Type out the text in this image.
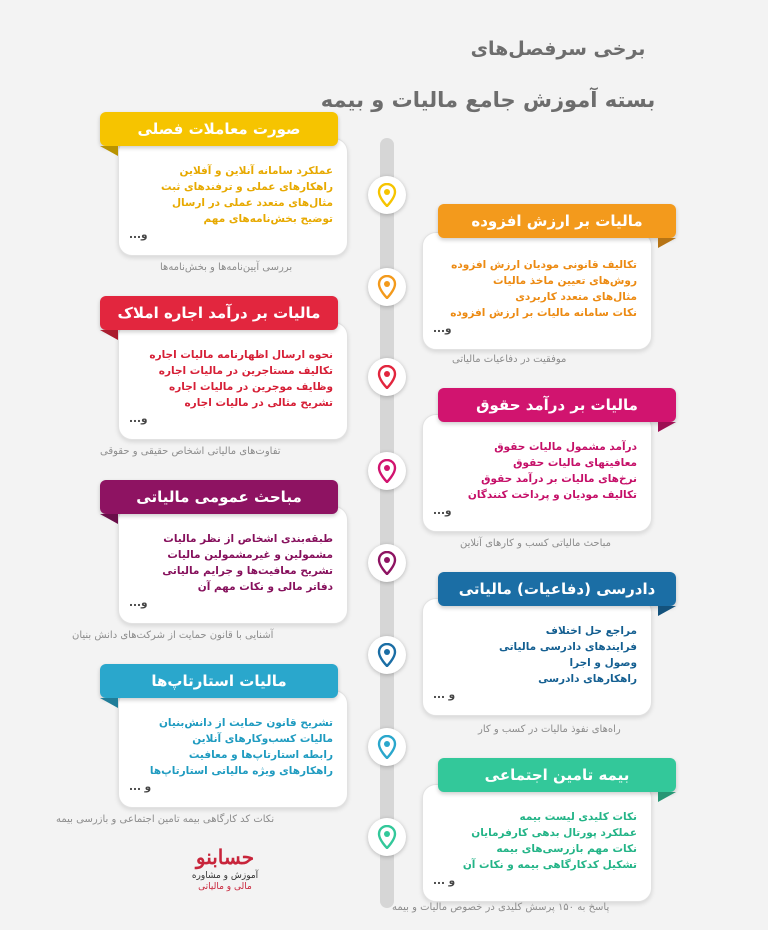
برخی سرفصل‌های
بسته آموزش جامع مالیات و بیمه
عملکرد سامانه آنلاین و آفلاین
راهکارهای عملی و ترفندهای ثبت
مثال‌های متعدد عملی در ارسال
توضیح بخش‌نامه‌های مهم
و...
صورت معاملات فصلی
بررسی آیین‌نامه‌ها و بخش‌نامه‌ها	تکالیف قانونی مودیان ارزش افزوده
روش‌های تعیین ماخذ مالیات
مثال‌های متعدد کاربردی
نکات سامانه مالیات بر ارزش افزوده
و...
مالیات بر ارزش افزوده
موفقیت در دفاعیات مالیاتی
نحوه ارسال اظهارنامه مالیات اجاره
تکالیف مستاجرین در مالیات اجاره
وظایف موجرین در مالیات اجاره
تشریح مثالی در مالیات اجاره
و...
مالیات بر درآمد اجاره املاک
تفاوت‌های مالیاتی اشخاص حقیقی و حقوقی	درآمد مشمول مالیات حقوق
معافیتهای مالیات حقوق
نرخ‌های مالیات بر درآمد حقوق
تکالیف مودیان و پرداخت کنندگان
و...
مالیات بر درآمد حقوق
مباحث مالیاتی کسب و کارهای آنلاین
طبقه‌بندی اشخاص از نظر مالیات
مشمولین و غیرمشمولین مالیات
تشریح معافیت‌ها و جرایم مالیاتی
دفاتر مالی و نکات مهم آن
و...
مباحث عمومی مالیاتی
آشنایی با قانون حمایت از شرکت‌های دانش بنیان	مراجع حل اختلاف
فرایندهای دادرسی مالیاتی
وصول و اجرا
راهکارهای دادرسی
و ...
دادرسی (دفاعیات) مالیاتی
راه‌های نفوذ مالیات در کسب و کار
تشریح قانون حمایت از دانش‌بنیان
مالیات کسب‌وکارهای آنلاین
رابطه استارتاپ‌ها و معافیت
راهکارهای ویژه مالیاتی استارتاپ‌ها
و ...
مالیات استارتاپ‌ها
نکات کد کارگاهی بیمه تامین اجتماعی و بازرسی بیمه	نکات کلیدی لیست بیمه
عملکرد پورتال بدهی کارفرمایان
نکات مهم بازرسی‌های بیمه
تشکیل کدکارگاهی بیمه و نکات آن
و ...
بیمه تامین اجتماعی
پاسخ به ۱۵۰ پرسش کلیدی در خصوص مالیات و بیمه
حسابنو
آموزش و مشاوره
مالی و مالیاتی
